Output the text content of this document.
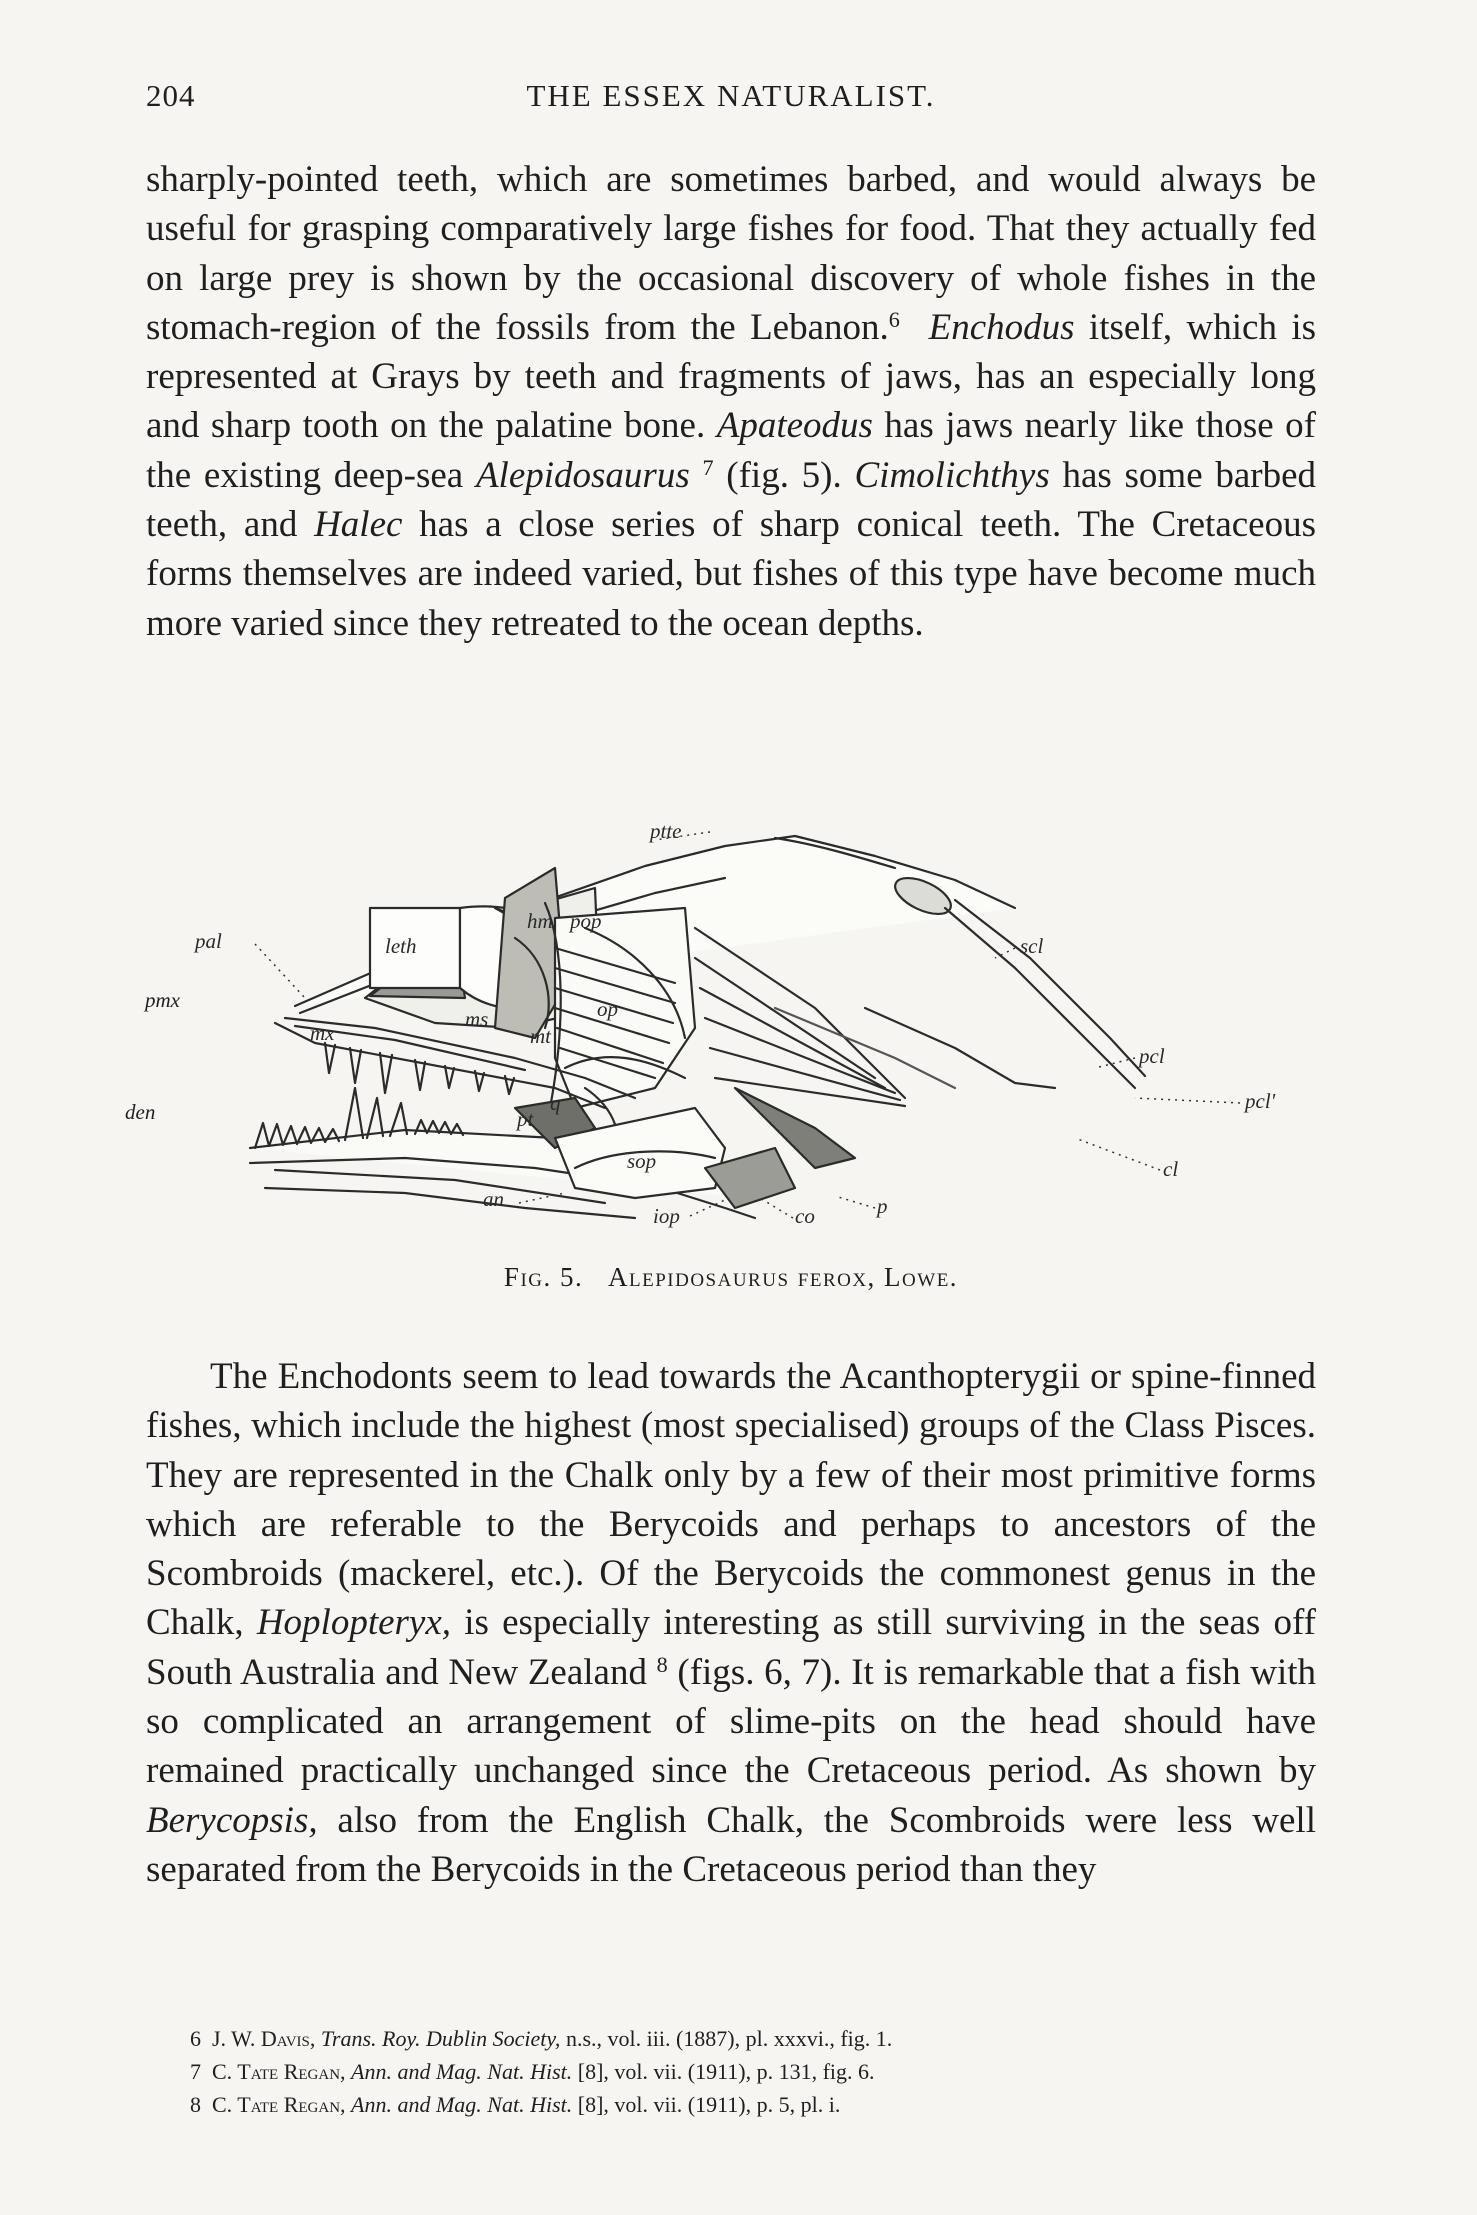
204	THE ESSEX NATURALIST.

sharply-pointed teeth, which are sometimes barbed, and would always be useful for grasping comparatively large fishes for food. That they actually fed on large prey is shown by the occasional discovery of whole fishes in the stomach-region of the fossils from the Lebanon.$^6$ Enchodus itself, which is represented at Grays by teeth and fragments of jaws, has an especially long and sharp tooth on the palatine bone. Apateodus has jaws nearly like those of the existing deep-sea Alepidosaurus $^7$ (fig. 5). Cimolichthys has some barbed teeth, and Halec has a close series of sharp conical teeth. The Cretaceous forms themselves are indeed varied, but fishes of this type have become much more varied since they retreated to the ocean depths.

ptte
pal	leth
hm pop
scl
mx
ms
mt
op
pcl
pcl'
pt
q
sop	cl
an
iop	co	p
pmx
den
Fig. 5. Alepidosaurus ferox, Lowe.

The Enchodonts seem to lead towards the Acanthopterygii or spine-finned fishes, which include the highest (most specialised) groups of the Class Pisces. They are represented in the Chalk only by a few of their most primitive forms which are referable to the Berycoids and perhaps to ancestors of the Scombroids (mackerel, etc.). Of the Berycoids the commonest genus in the Chalk, Hoplopteryx, is especially interesting as still surviving in the seas off South Australia and New Zealand $^8$ (figs. 6, 7). It is remarkable that a fish with so complicated an arrangement of slime-pits on the head should have remained practically unchanged since the Cretaceous period. As shown by Berycopsis, also from the English Chalk, the Scombroids were less well separated from the Berycoids in the Cretaceous period than they

6 J. W. Davis, Trans. Roy. Dublin Society, n.s., vol. iii. (1887), pl. xxxvi., fig. 1.
7 C. Tate Regan, Ann. and Mag. Nat. Hist. [8], vol. vii. (1911), p. 131, fig. 6.
8 C. Tate Regan, Ann. and Mag. Nat. Hist. [8], vol. vii. (1911), p. 5, pl. i.
